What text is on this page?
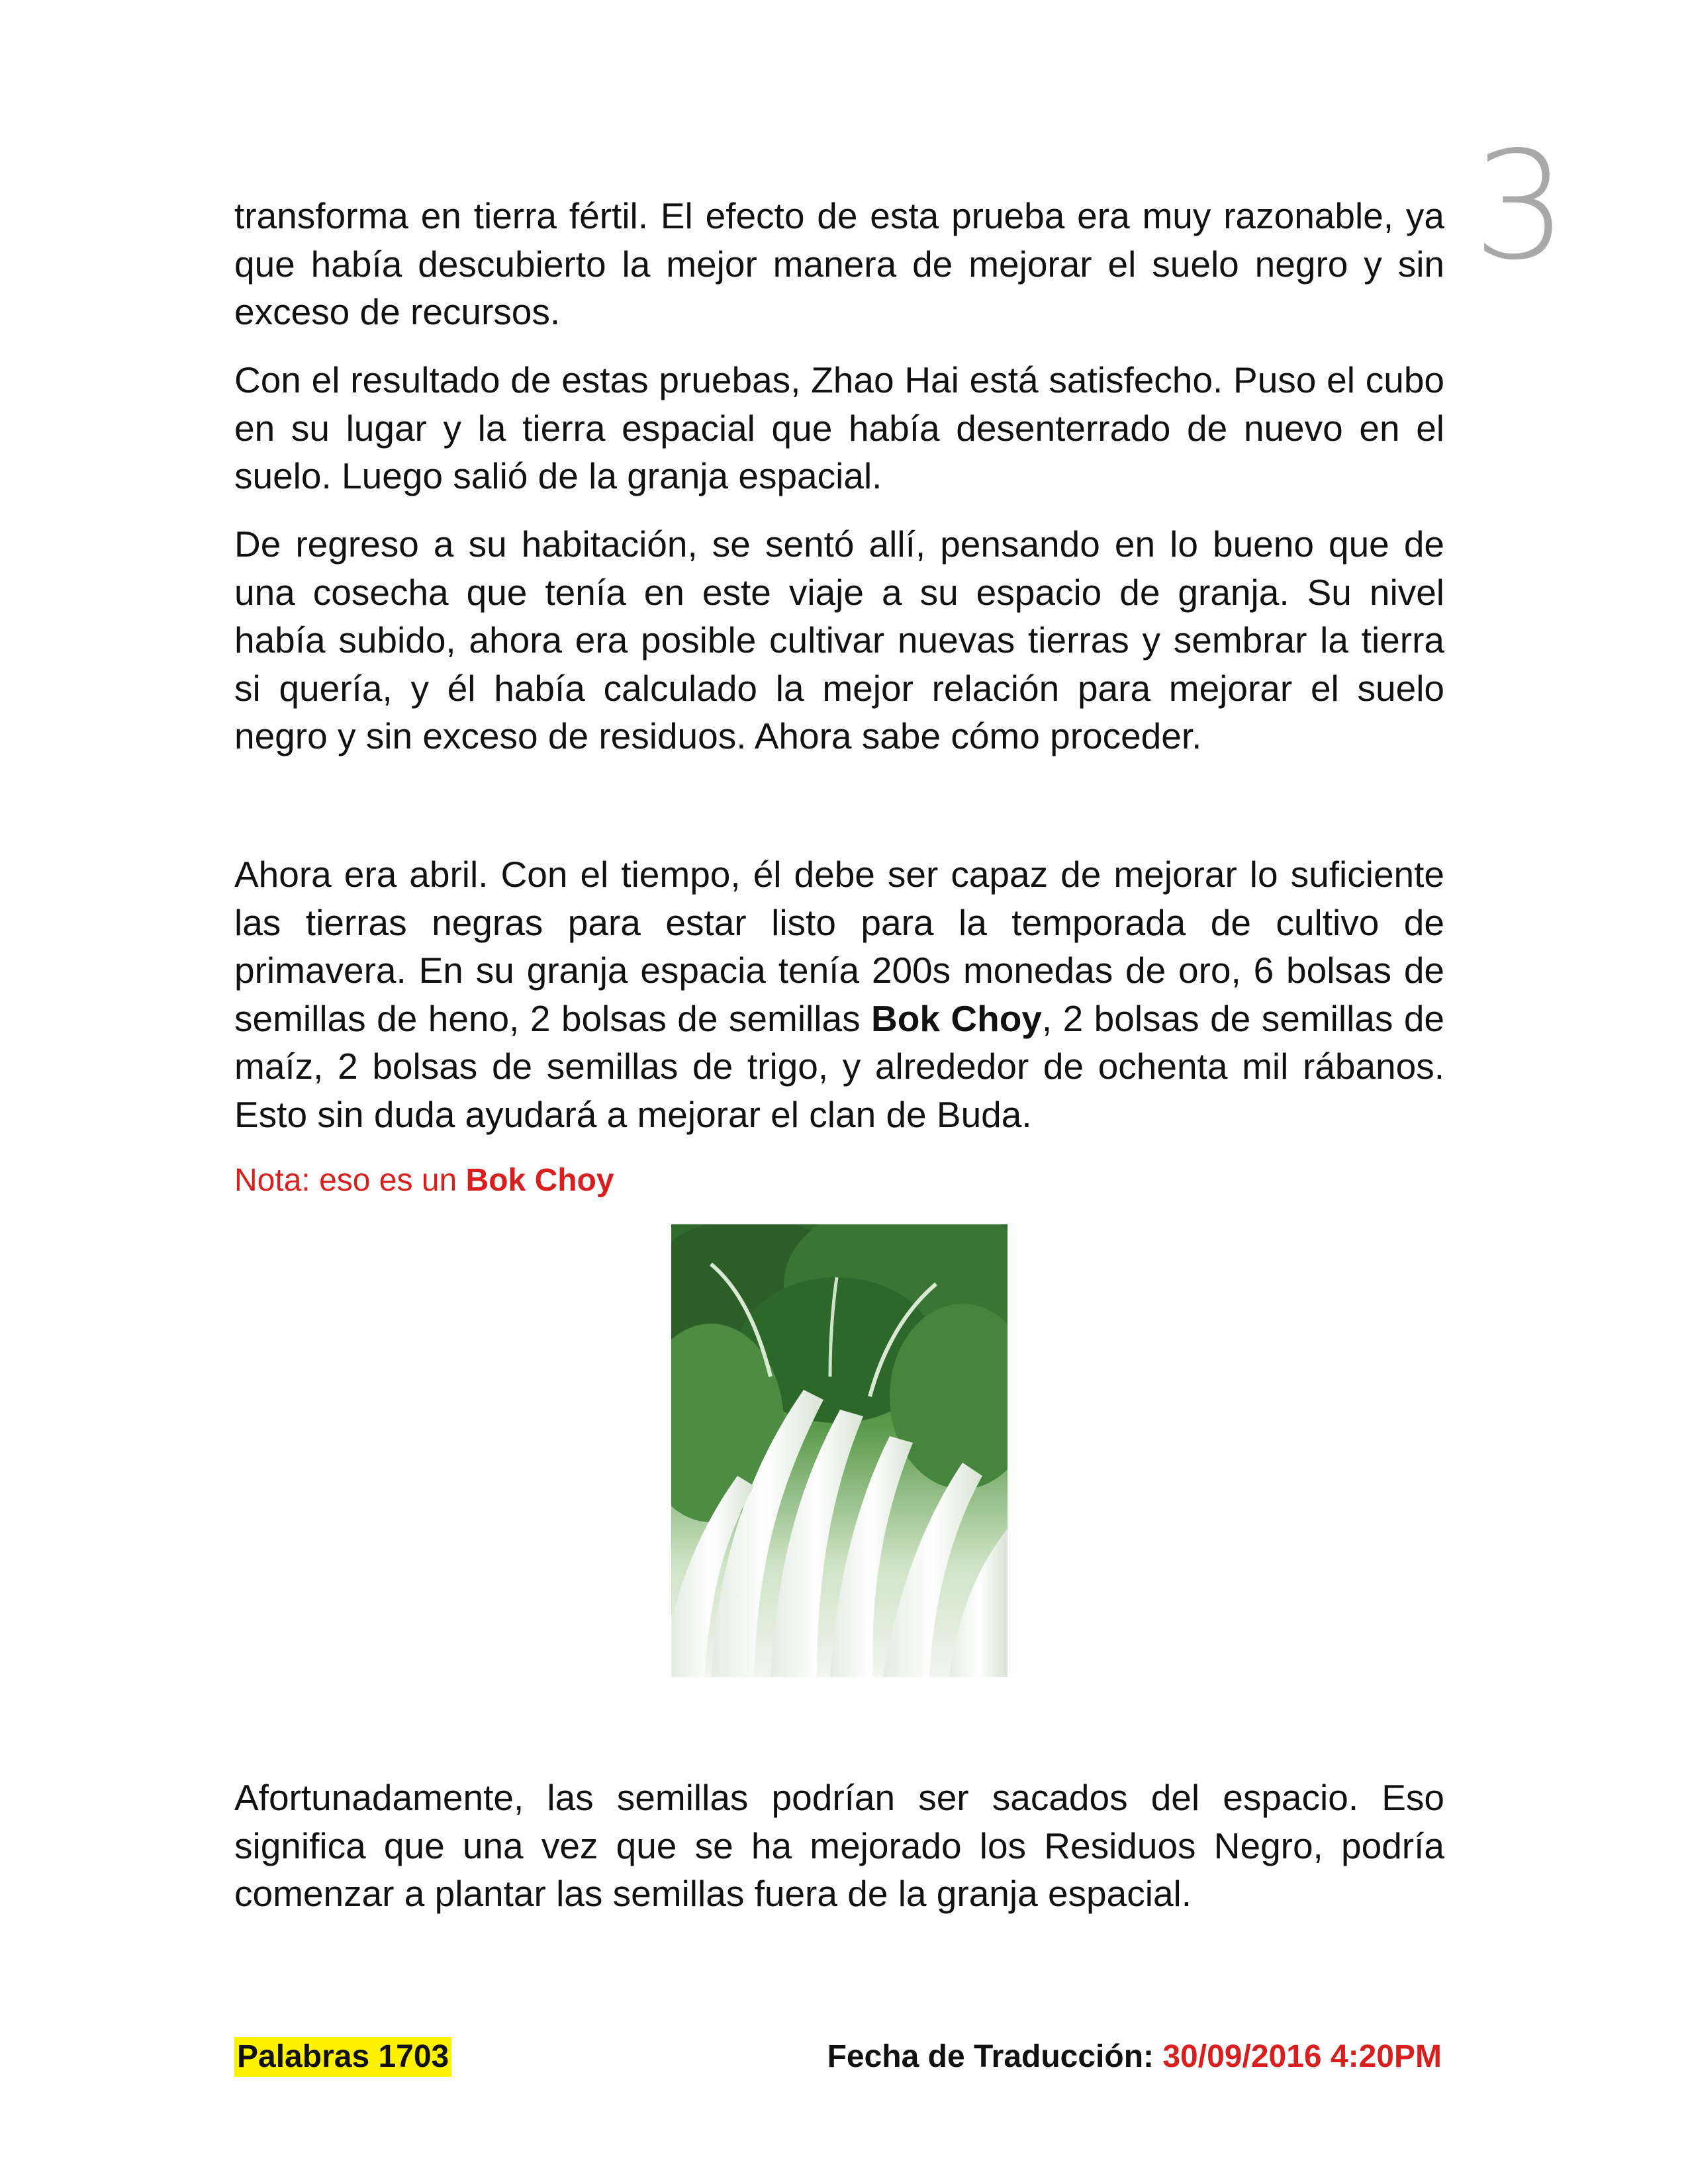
3

transforma en tierra fértil. El efecto de esta prueba era muy razonable, ya que había descubierto la mejor manera de mejorar el suelo negro y sin exceso de recursos.

Con el resultado de estas pruebas, Zhao Hai está satisfecho. Puso el cubo en su lugar y la tierra espacial que había desenterrado de nuevo en el suelo. Luego salió de la granja espacial.

De regreso a su habitación, se sentó allí, pensando en lo bueno que de una cosecha que tenía en este viaje a su espacio de granja. Su nivel había subido, ahora era posible cultivar nuevas tierras y sembrar la tierra si quería, y él había calculado la mejor relación para mejorar el suelo negro y sin exceso de residuos. Ahora sabe cómo proceder.

Ahora era abril. Con el tiempo, él debe ser capaz de mejorar lo suficiente las tierras negras para estar listo para la temporada de cultivo de primavera. En su granja espacia tenía 200s monedas de oro, 6 bolsas de semillas de heno, 2 bolsas de semillas Bok Choy, 2 bolsas de semillas de maíz, 2 bolsas de semillas de trigo, y alrededor de ochenta mil rábanos. Esto sin duda ayudará a mejorar el clan de Buda.

Nota: eso es un Bok Choy

Afortunadamente, las semillas podrían ser sacados del espacio. Eso significa que una vez que se ha mejorado los Residuos Negro, podría comenzar a plantar las semillas fuera de la granja espacial.

Palabras 1703	Fecha de Traducción: 30/09/2016 4:20PM
